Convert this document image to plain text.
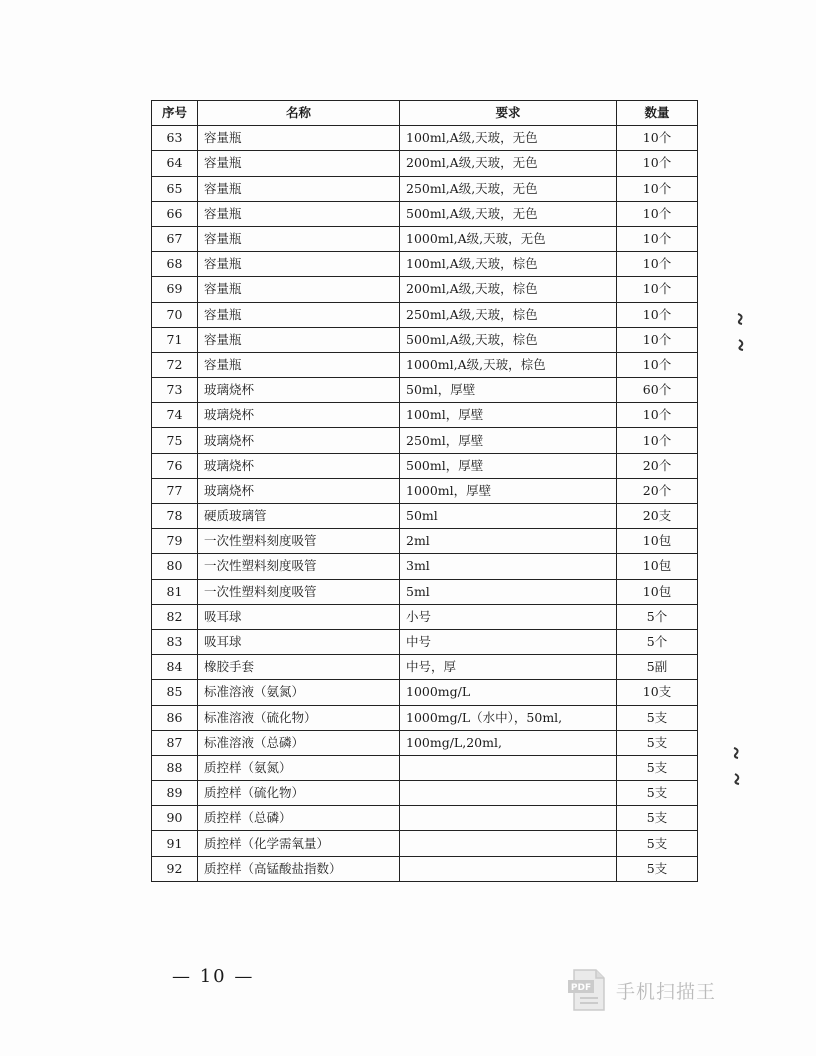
序号	名称	要求	数量
63	容量瓶	100ml,A级,天玻，无色	10个
64	容量瓶	200ml,A级,天玻，无色	10个
65	容量瓶	250ml,A级,天玻，无色	10个
66	容量瓶	500ml,A级,天玻，无色	10个
67	容量瓶	1000ml,A级,天玻，无色	10个
68	容量瓶	100ml,A级,天玻，棕色	10个
69	容量瓶	200ml,A级,天玻，棕色	10个
70	容量瓶	250ml,A级,天玻，棕色	10个
71	容量瓶	500ml,A级,天玻，棕色	10个
72	容量瓶	1000ml,A级,天玻，棕色	10个
73	玻璃烧杯	50ml，厚壁	60个
74	玻璃烧杯	100ml，厚壁	10个
75	玻璃烧杯	250ml，厚壁	10个
76	玻璃烧杯	500ml，厚壁	20个
77	玻璃烧杯	1000ml，厚壁	20个
78	硬质玻璃管	50ml	20支
79	一次性塑料刻度吸管	2ml	10包
80	一次性塑料刻度吸管	3ml	10包
81	一次性塑料刻度吸管	5ml	10包
82	吸耳球	小号	5个
83	吸耳球	中号	5个
84	橡胶手套	中号，厚	5副
85	标准溶液（氨氮）	1000mg/L	10支
86	标准溶液（硫化物）	1000mg/L（水中），50ml,	5支
87	标准溶液（总磷）	100mg/L,20ml,	5支
88	质控样（氨氮）		5支
89	质控样（硫化物）		5支
90	质控样（总磷）		5支
91	质控样（化学需氧量）		5支
92	质控样（高锰酸盐指数）		5支
— 10 —
PDF 手机扫描王
